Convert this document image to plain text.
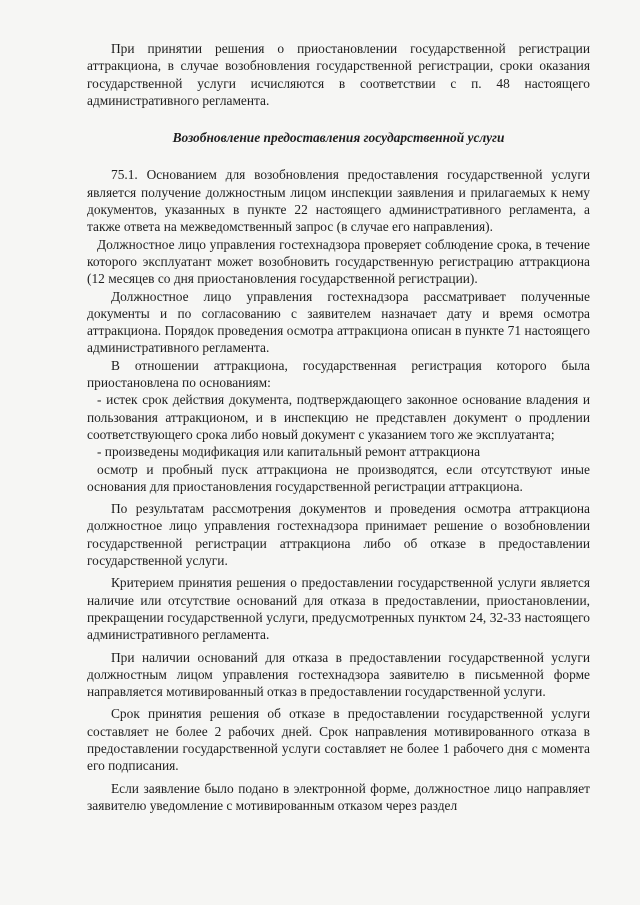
При принятии решения о приостановлении государственной регистрации аттракциона, в случае возобновления государственной регистрации, сроки оказания государственной услуги исчисляются в соответствии с п. 48 настоящего административного регламента.

Возобновление предоставления государственной услуги

75.1. Основанием для возобновления предоставления государственной услуги является получение должностным лицом инспекции заявления и прилагаемых к нему документов, указанных в пункте 22 настоящего административного регламента, а также ответа на межведомственный запрос (в случае его направления).

Должностное лицо управления гостехнадзора проверяет соблюдение срока, в течение которого эксплуатант может возобновить государственную регистрацию аттракциона (12 месяцев со дня приостановления государственной регистрации).

Должностное лицо управления гостехнадзора рассматривает полученные документы и по согласованию с заявителем назначает дату и время осмотра аттракциона. Порядок проведения осмотра аттракциона описан в пункте 71 настоящего административного регламента.

В отношении аттракциона, государственная регистрация которого была приостановлена по основаниям:

- истек срок действия документа, подтверждающего законное основание владения и пользования аттракционом, и в инспекцию не представлен документ о продлении соответствующего срока либо новый документ с указанием того же эксплуатанта;

- произведены модификация или капитальный ремонт аттракциона

осмотр и пробный пуск аттракциона не производятся, если отсутствуют иные основания для приостановления государственной регистрации аттракциона.

По результатам рассмотрения документов и проведения осмотра аттракциона должностное лицо управления гостехнадзора принимает решение о возобновлении государственной регистрации аттракциона либо об отказе в предоставлении государственной услуги.

Критерием принятия решения о предоставлении государственной услуги является наличие или отсутствие оснований для отказа в предоставлении, приостановлении, прекращении государственной услуги, предусмотренных пунктом 24, 32-33 настоящего административного регламента.

При наличии оснований для отказа в предоставлении государственной услуги должностным лицом управления гостехнадзора заявителю в письменной форме направляется мотивированный отказ в предоставлении государственной услуги.

Срок принятия решения об отказе в предоставлении государственной услуги составляет не более 2 рабочих дней. Срок направления мотивированного отказа в предоставлении государственной услуги составляет не более 1 рабочего дня с момента его подписания.

Если заявление было подано в электронной форме, должностное лицо направляет заявителю уведомление с мотивированным отказом через раздел
